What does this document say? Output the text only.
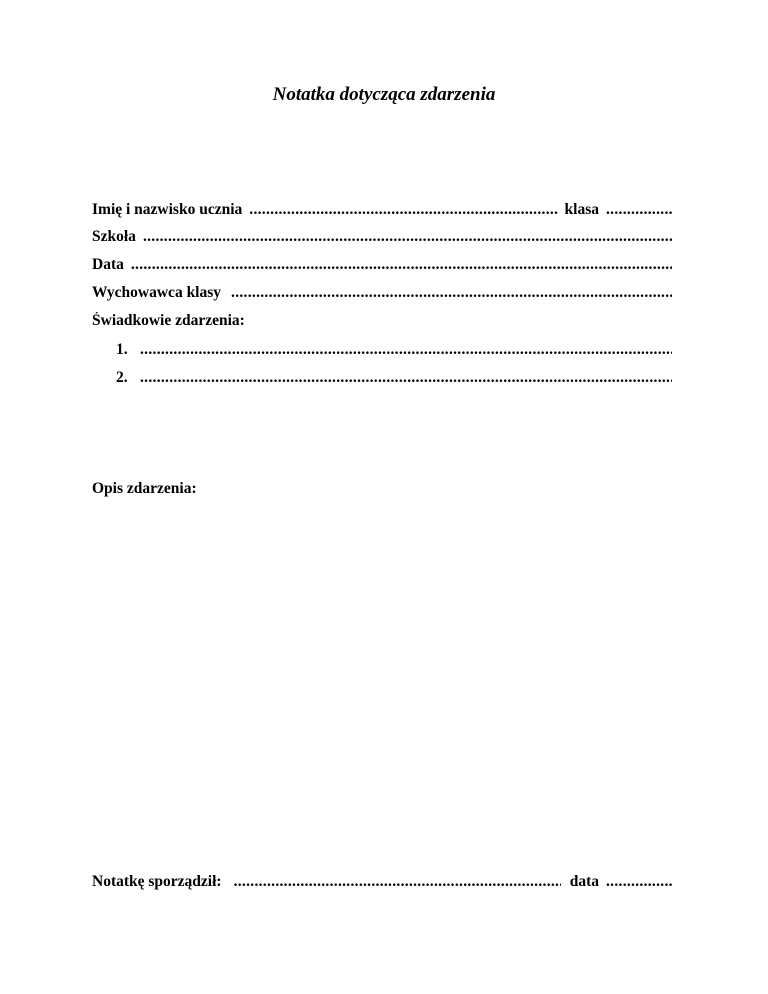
Notatka dotycząca zdarzenia
Imię i nazwisko ucznia .....	klasa
.....
Szkoła
.....
Data
.....
Wychowawca klasy
.....
Świadkowie zdarzenia:
1.
.....
2.
.....
Opis zdarzenia:
Notatkę sporządził: .....	data
.....
